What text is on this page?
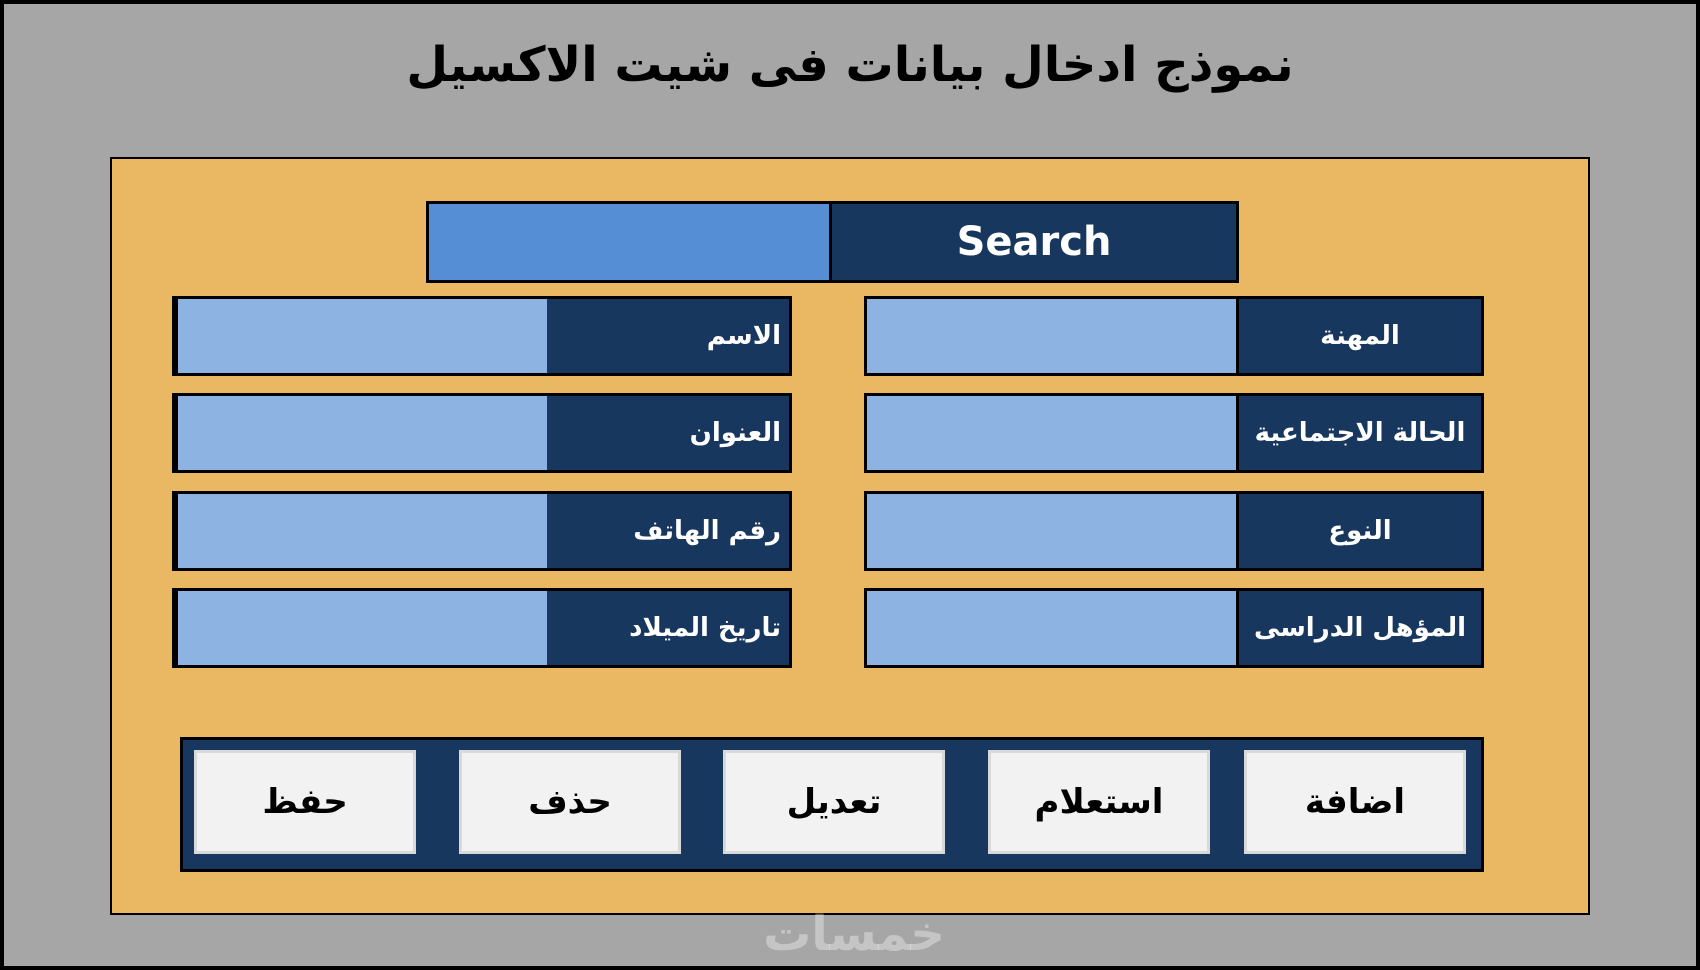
نموذج ادخال بيانات فى شيت الاكسيل
Search
الاسم
العنوان
رقم الهاتف
تاريخ الميلاد
المهنة
الحالة الاجتماعية
النوع
المؤهل الدراسى
حفظ	حذف	تعديل	استعلام	اضافة
خمسات
